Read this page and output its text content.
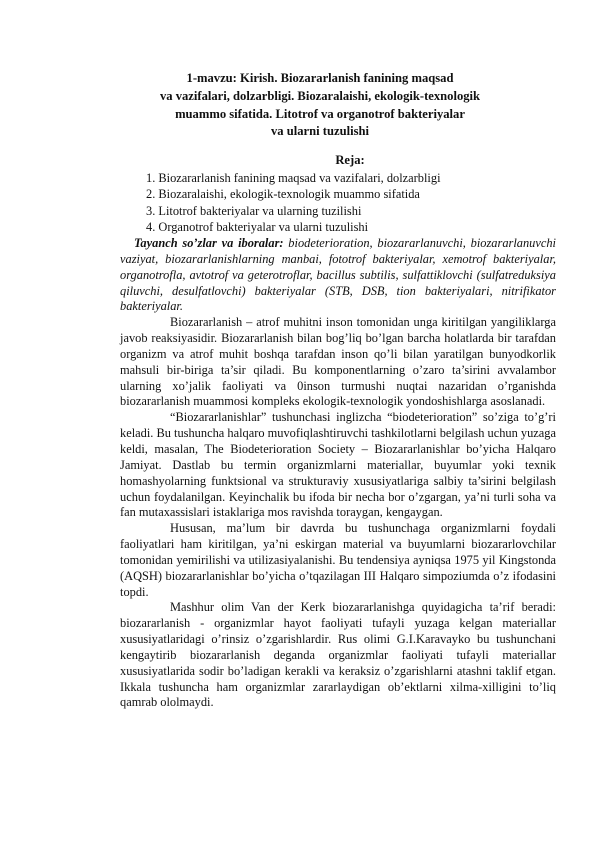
1-mavzu: Kirish. Biozararlanish fanining maqsad
va vazifalari, dolzarbligi. Biozaralaishi, ekologik-texnologik
muammo sifatida. Litotrof va organotrof bakteriyalar
va ularni tuzulishi
Reja:
1. Biozararlanish fanining maqsad va vazifalari, dolzarbligi
2. Biozaralaishi, ekologik-texnologik muammo sifatida
3. Litotrof bakteriyalar va ularning tuzilishi
4. Organotrof bakteriyalar va ularni tuzulishi

Tayanch so’zlar va iboralar: biodeterioration, biozararlanuvchi, biozararlanuvchi vaziyat, biozararlanishlarning manbai, fototrof bakteriyalar, xemotrof bakteriyalar, organotrofla, avtotrof va geterotroflar, bacillus subtilis, sulfattiklovchi (sulfatreduksiya qiluvchi, desulfatlovchi) bakteriyalar (STB, DSB, tion bakteriyalari, nitrifikator bakteriyalar.

Biozararlanish – atrof muhitni inson tomonidan unga kiritilgan yangiliklarga javob reaksiyasidir. Biozararlanish bilan bog’liq bo’lgan barcha holatlarda bir tarafdan organizm va atrof muhit boshqa tarafdan inson qo’li bilan yaratilgan bunyodkorlik mahsuli bir-biriga ta’sir qiladi. Bu komponentlarning o’zaro ta’sirini avvalambor ularning xo’jalik faoliyati va 0inson turmushi nuqtai nazaridan o’rganishda biozararlanish muammosi kompleks ekologik-texnologik yondoshishlarga asoslanadi.

“Biozararlanishlar” tushunchasi inglizcha “biodeterioration” so’ziga to’g’ri keladi. Bu tushuncha halqaro muvofiqlashtiruvchi tashkilotlarni belgilash uchun yuzaga keldi, masalan, The Biodeterioration Society – Biozararlanishlar bo’yicha Halqaro Jamiyat. Dastlab bu termin organizmlarni materiallar, buyumlar yoki texnik homashyolarning funktsional va strukturaviy xususiyatlariga salbiy ta’sirini belgilash uchun foydalanilgan. Keyinchalik bu ifoda bir necha bor o’zgargan, ya’ni turli soha va fan mutaxassislari istaklariga mos ravishda toraygan, kengaygan.

Hususan, ma’lum bir davrda bu tushunchaga organizmlarni foydali faoliyatlari ham kiritilgan, ya’ni eskirgan material va buyumlarni biozararlovchilar tomonidan yemirilishi va utilizasiyalanishi. Bu tendensiya ayniqsa 1975 yil Kingstonda (AQSH) biozararlanishlar bo’yicha o’tqazilagan III Halqaro simpoziumda o’z ifodasini topdi.

Mashhur olim Van der Kerk biozararlanishga quyidagicha ta’rif beradi: biozararlanish - organizmlar hayot faoliyati tufayli yuzaga kelgan materiallar xususiyatlaridagi o’rinsiz o’zgarishlardir. Rus olimi G.I.Karavayko bu tushunchani kengaytirib biozararlanish deganda organizmlar faoliyati tufayli materiallar xususiyatlarida sodir bo’ladigan kerakli va keraksiz o’zgarishlarni atashni taklif etgan. Ikkala tushuncha ham organizmlar zararlaydigan ob’ektlarni xilma-xilligini to’liq qamrab ololmaydi.
